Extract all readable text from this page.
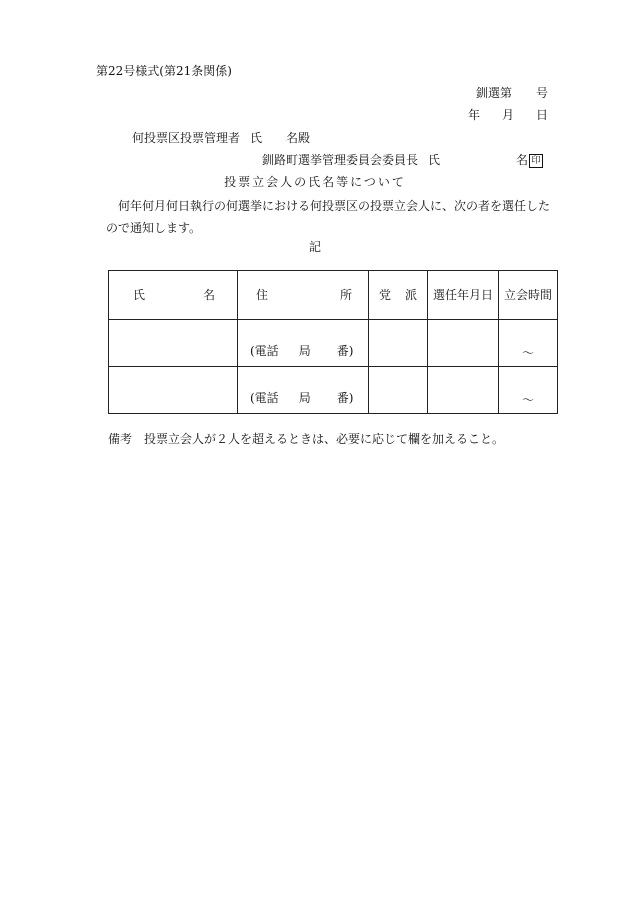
第22号様式(第21条関係)
釧選第 号
年 月 日
何投票区投票管理者 氏 名殿
釧路町選挙管理委員会委員長 氏	名 印
投票立会人の氏名等について
何年何月何日執行の何選挙における何投票区の投票立会人に、次の者を選任したので通知します。
記
氏 名	住 所	党 派	選任年月日	立会時間

	(電話 局 番)			～

	(電話 局 番)			～
備考 投票立会人が２人を超えるときは、必要に応じて欄を加えること。
